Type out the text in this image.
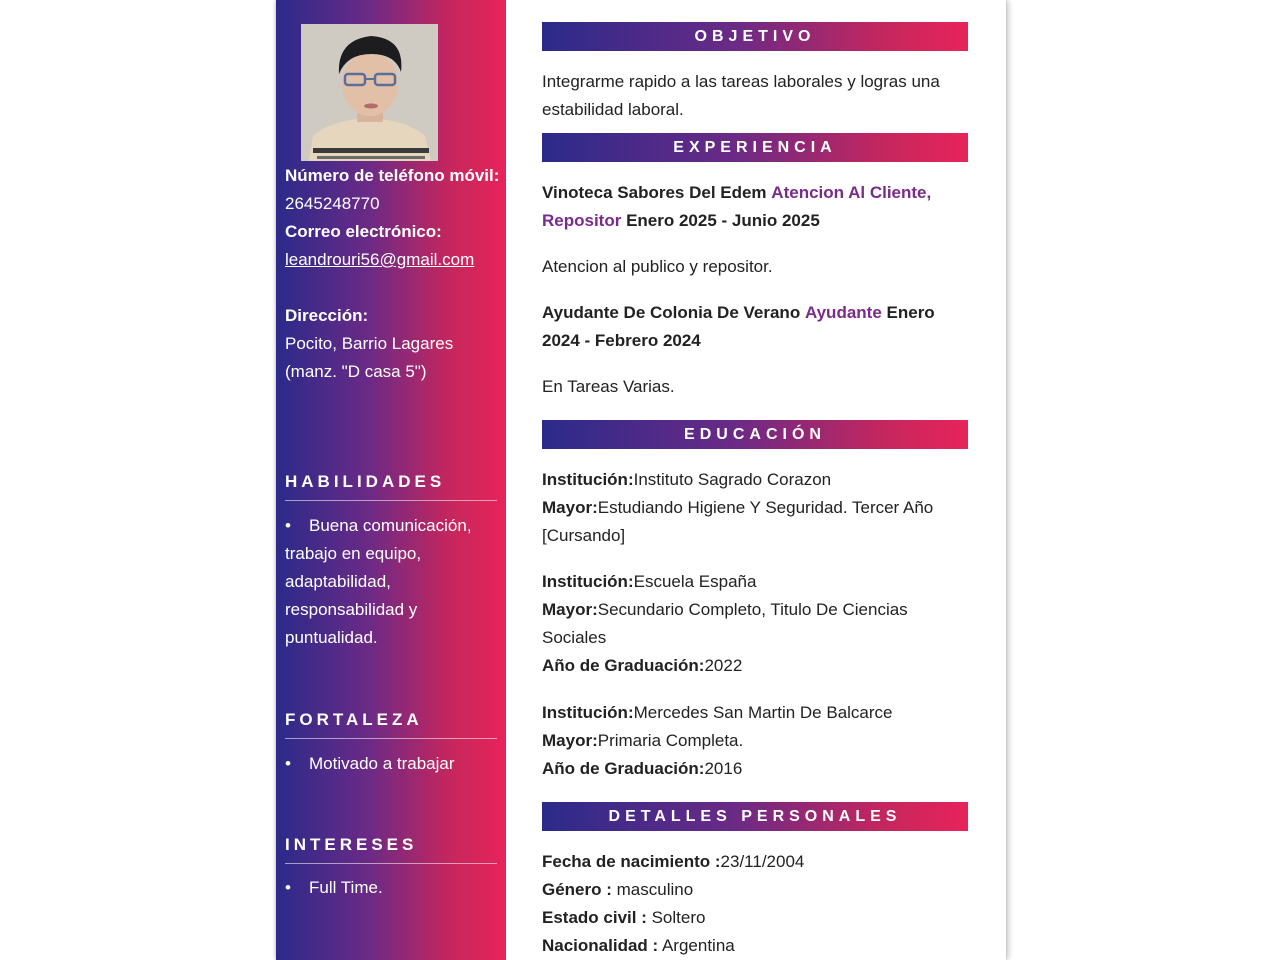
Número de teléfono móvil:
2645248770
Correo electrónico:
leandrouri56@gmail.com
Dirección:
Pocito, Barrio Lagares (manz. "D casa 5")
HABILIDADES
• Buena comunicación, trabajo en equipo, adaptabilidad, responsabilidad y puntualidad.
FORTALEZA
• Motivado a trabajar
INTERESES
• Full Time.
OBJETIVO
Integrarme rapido a las tareas laborales y logras una estabilidad laboral.
EXPERIENCIA
Vinoteca Sabores Del Edem Atencion Al Cliente, Repositor Enero 2025 - Junio 2025
Atencion al publico y repositor.
Ayudante De Colonia De Verano Ayudante Enero 2024 - Febrero 2024
En Tareas Varias.
EDUCACIÓN
Institución:Instituto Sagrado Corazon
Mayor:Estudiando Higiene Y Seguridad. Tercer Año [Cursando]
Institución:Escuela España
Mayor:Secundario Completo, Titulo De Ciencias Sociales
Año de Graduación:2022
Institución:Mercedes San Martin De Balcarce
Mayor:Primaria Completa.
Año de Graduación:2016
DETALLES PERSONALES
Fecha de nacimiento :23/11/2004
Género : masculino
Estado civil : Soltero
Nacionalidad : Argentina
